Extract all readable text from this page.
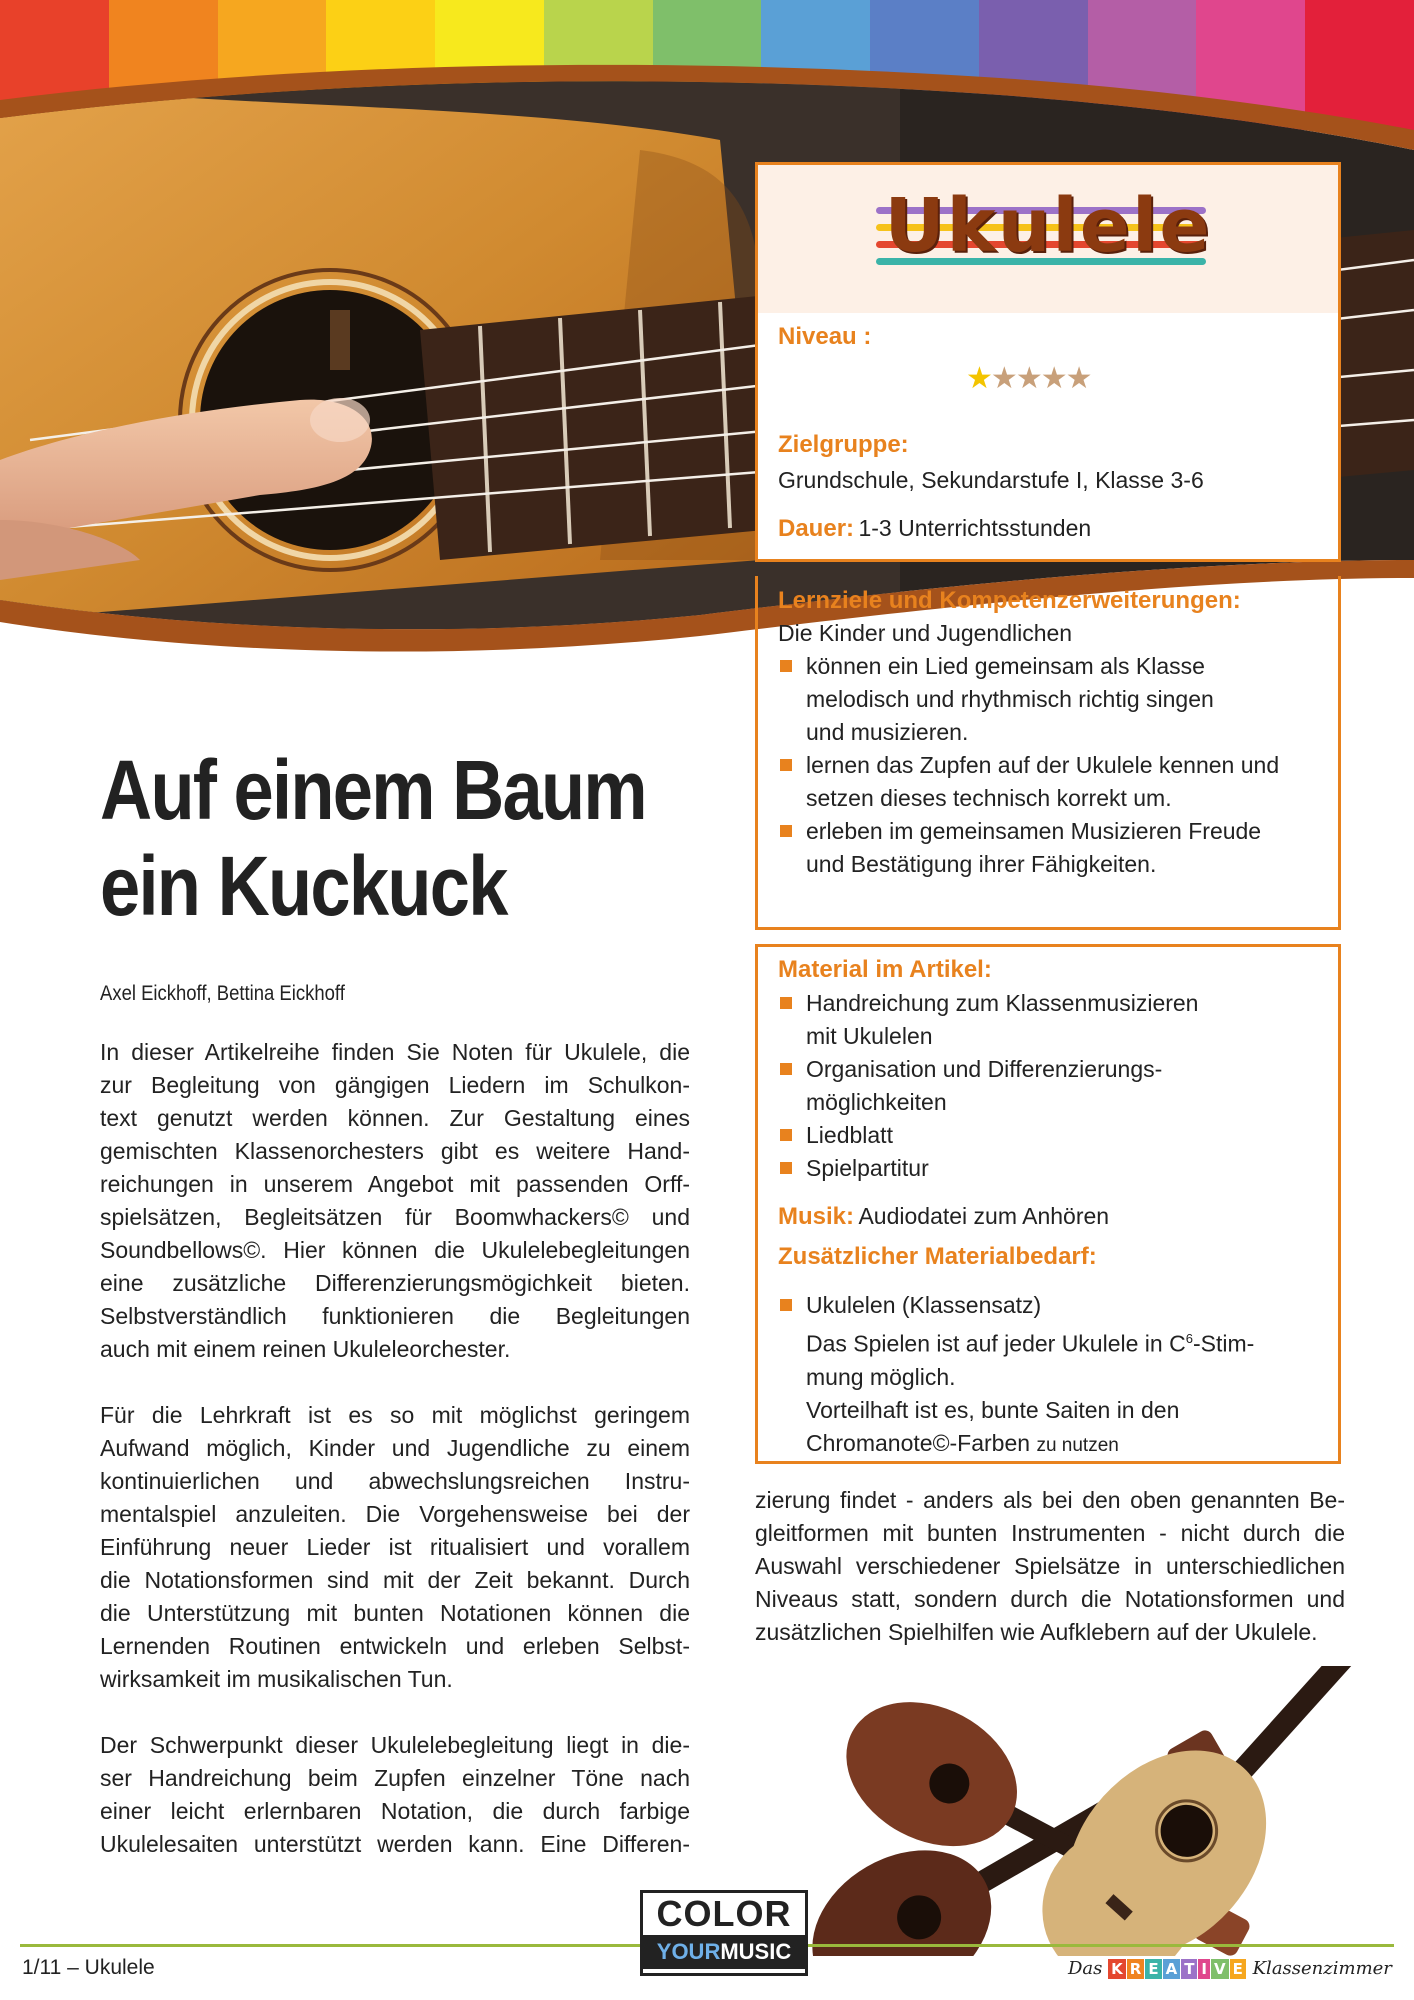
Ukulele
Niveau :
★★★★★
Zielgruppe:
Grundschule, Sekundarstufe I, Klasse 3-6
Dauer: 1-3 Unterrichtsstunden
Lernziele und Kompetenzerweiterungen:
Die Kinder und Jugendlichen
können ein Lied gemeinsam als Klasse
melodisch und rhythmisch richtig singen
und musizieren.
lernen das Zupfen auf der Ukulele kennen und
setzen dieses technisch korrekt um.
erleben im gemeinsamen Musizieren Freude
und Bestätigung ihrer Fähigkeiten.
Material im Artikel:
Handreichung zum Klassenmusizieren
mit Ukulelen
Organisation und Differenzierungs-
möglichkeiten
Liedblatt
Spielpartitur
Musik: Audiodatei zum Anhören
Zusätzlicher Materialbedarf:
Ukulelen (Klassensatz)
Das Spielen ist auf jeder Ukulele in $C^6-Stim-$
mung möglich.
Vorteilhaft ist es, bunte Saiten in den
Chromanote©-Farben zu nutzen
Auf einem Baum
ein Kuckuck
Axel Eickhoff, Bettina Eickhoff

In dieser Artikelreihe finden Sie Noten für Ukulele, die
zur Begleitung von gängigen Liedern im Schulkon-
text genutzt werden können. Zur Gestaltung eines
gemischten Klassenorchesters gibt es weitere Hand-
reichungen in unserem Angebot mit passenden Orff-
spielsätzen, Begleitsätzen für Boomwhackers© und
Soundbellows©. Hier können die Ukulelebegleitungen
eine zusätzliche Differenzierungsmögichkeit bieten.
Selbstverständlich funktionieren die Begleitungen
auch mit einem reinen Ukuleleorchester.

Für die Lehrkraft ist es so mit möglichst geringem
Aufwand möglich, Kinder und Jugendliche zu einem
kontinuierlichen und abwechslungsreichen Instru-
mentalspiel anzuleiten. Die Vorgehensweise bei der
Einführung neuer Lieder ist ritualisiert und vorallem
die Notationsformen sind mit der Zeit bekannt. Durch
die Unterstützung mit bunten Notationen können die
Lernenden Routinen entwickeln und erleben Selbst-
wirksamkeit im musikalischen Tun.

Der Schwerpunkt dieser Ukulelebegleitung liegt in die-
ser Handreichung beim Zupfen einzelner Töne nach
einer leicht erlernbaren Notation, die durch farbige
Ukulelesaiten unterstützt werden kann. Eine Differen-

zierung findet - anders als bei den oben genannten Be-
gleitformen mit bunten Instrumenten - nicht durch die
Auswahl verschiedener Spielsätze in unterschiedlichen
Niveaus statt, sondern durch die Notationsformen und
zusätzlichen Spielhilfen wie Aufklebern auf der Ukulele.

1/11 – Ukulele
COLOR
YOURMUSIC
Das K R E A T I V E Klassenzimmer
